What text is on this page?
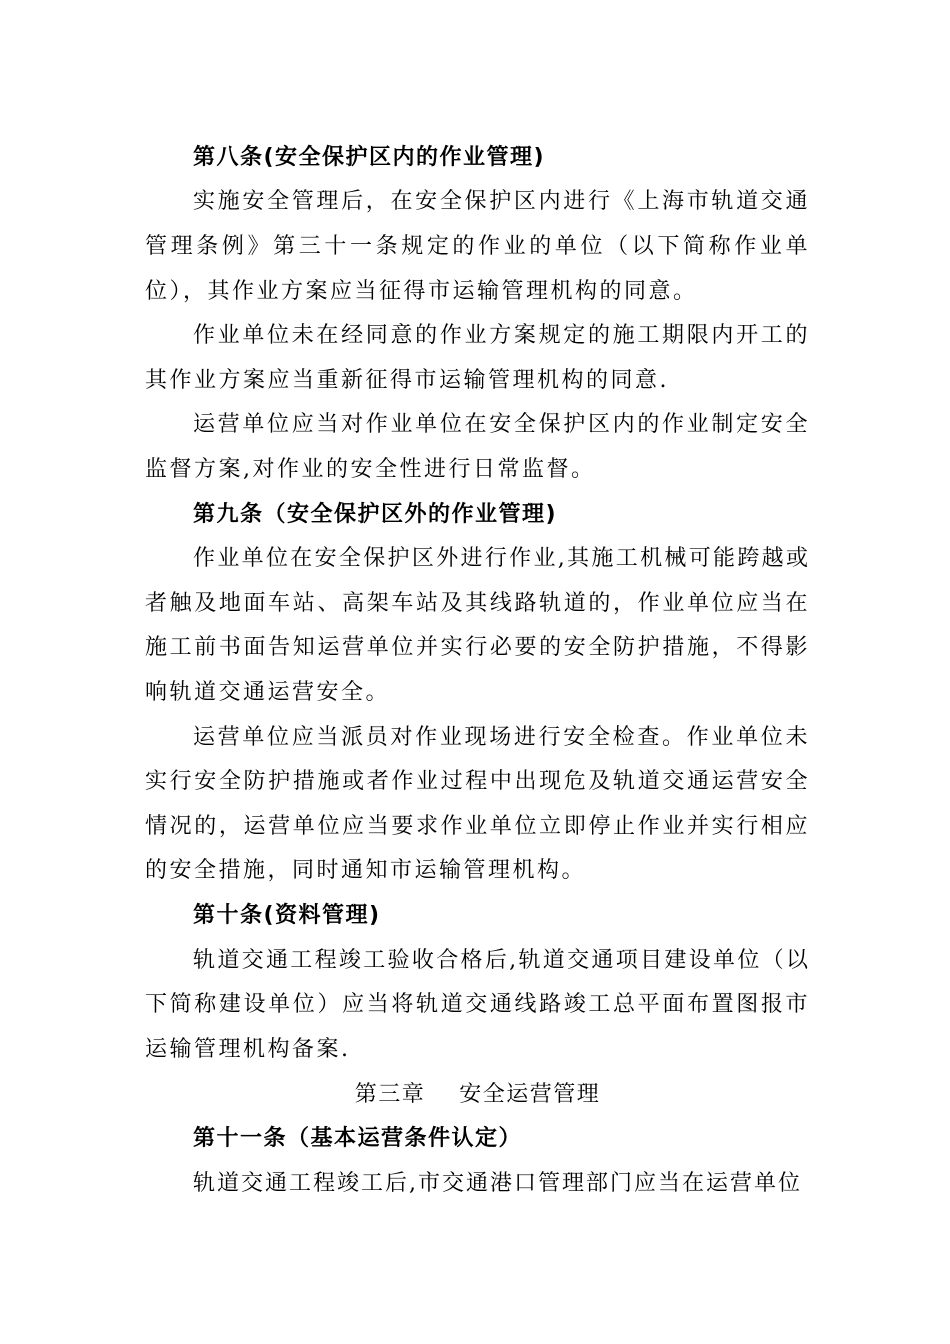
第八条(安全保护区内的作业管理)
实施安全管理后，在安全保护区内进行《上海市轨道交通
管理条例》第三十一条规定的作业的单位（以下简称作业单
位），其作业方案应当征得市运输管理机构的同意。
作业单位未在经同意的作业方案规定的施工期限内开工的
其作业方案应当重新征得市运输管理机构的同意.
运营单位应当对作业单位在安全保护区内的作业制定安全
监督方案,对作业的安全性进行日常监督。
第九条（安全保护区外的作业管理)
作业单位在安全保护区外进行作业,其施工机械可能跨越或
者触及地面车站、高架车站及其线路轨道的，作业单位应当在
施工前书面告知运营单位并实行必要的安全防护措施，不得影
响轨道交通运营安全。
运营单位应当派员对作业现场进行安全检查。作业单位未
实行安全防护措施或者作业过程中出现危及轨道交通运营安全
情况的，运营单位应当要求作业单位立即停止作业并实行相应
的安全措施，同时通知市运输管理机构。
第十条(资料管理)
轨道交通工程竣工验收合格后,轨道交通项目建设单位（以
下简称建设单位）应当将轨道交通线路竣工总平面布置图报市
运输管理机构备案.
第三章    安全运营管理
第十一条（基本运营条件认定）
轨道交通工程竣工后,市交通港口管理部门应当在运营单位
